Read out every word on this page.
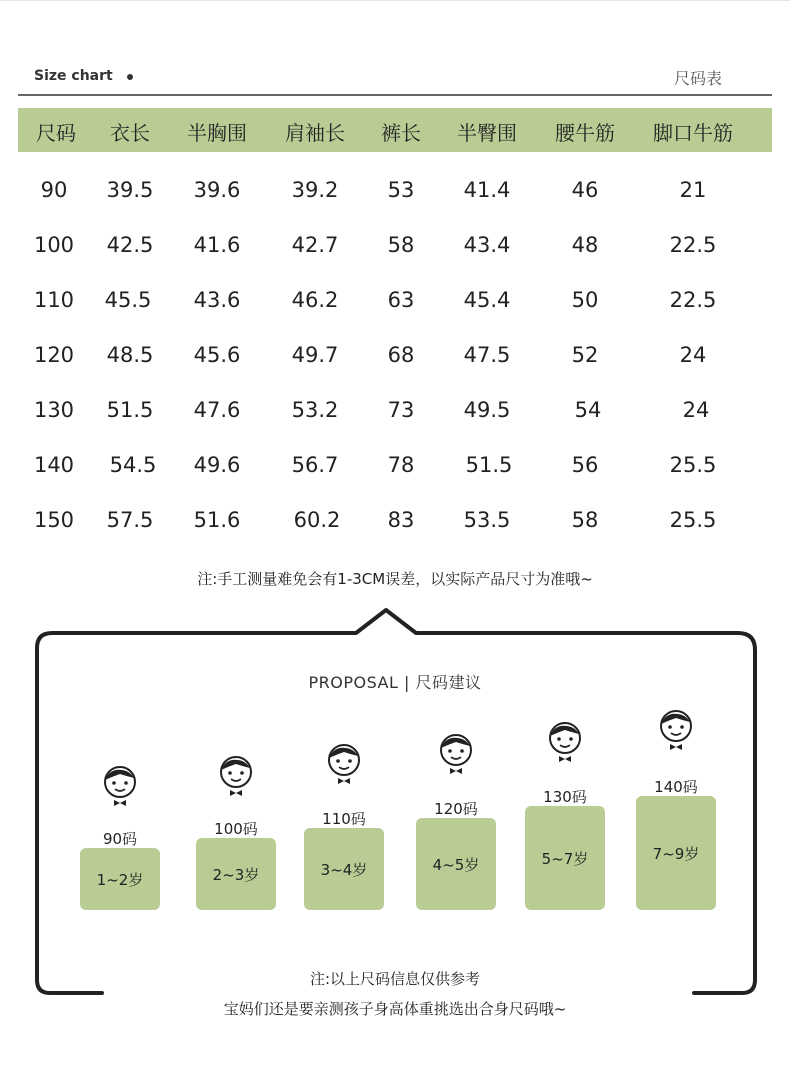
Size chart	尺码表
尺码 衣长 半胸围 肩袖长 裤长 半臀围 腰牛筋 脚口牛筋
90 39.5 39.6 39.2 53 41.4	46	21
100 42.5 41.6 42.7 58 43.4	48	22.5
110 45.5 43.6 46.2 63 45.4	50	22.5
120 48.5 45.6 49.7 68 47.5	52	24
130 51.5 47.6 53.2 73 49.5	54	24
140 54.5 49.6 56.7 78 51.5	56	25.5
150 57.5 51.6	60.2 83 53.5	58	25.5
注:手工测量难免会有1-3CM误差，以实际产品尺寸为准哦~
PROPOSAL | 尺码建议
90码
1~2岁
100码
2~3岁
110码
3~4岁
120码
4~5岁
130码
5~7岁
140码
7~9岁
注:以上尺码信息仅供参考
宝妈们还是要亲测孩子身高体重挑选出合身尺码哦~
